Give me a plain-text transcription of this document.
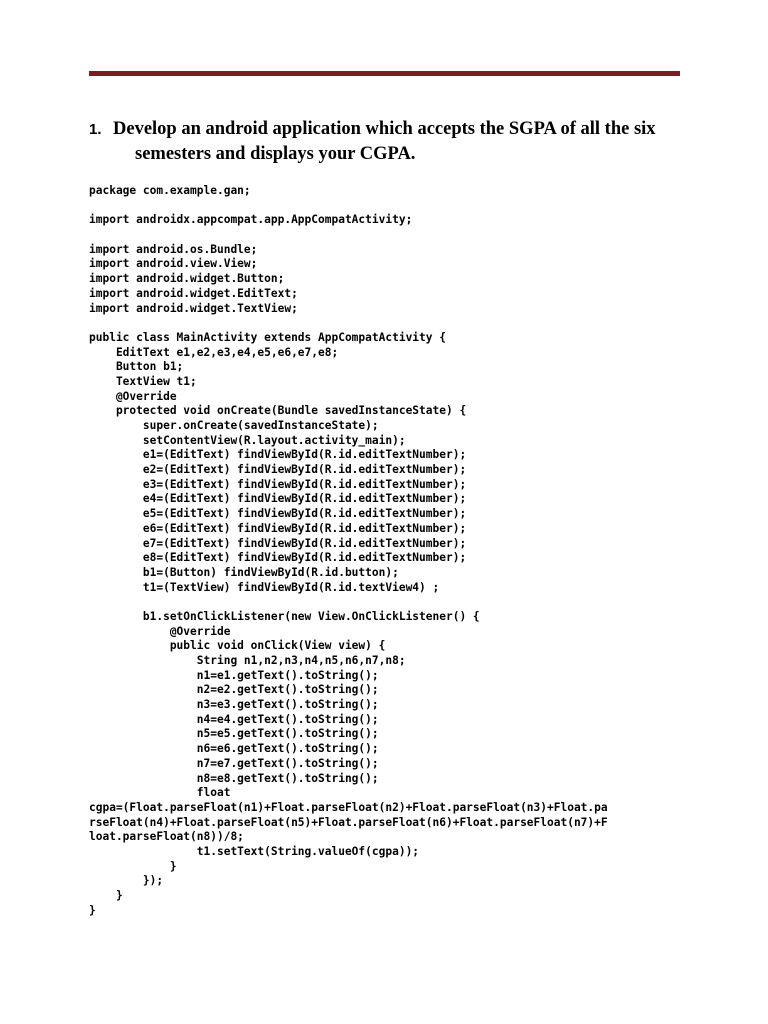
1. Develop an android application which accepts the SGPA of all the six
semesters and displays your CGPA.
package com.example.gan;
import androidx.appcompat.app.AppCompatActivity;
import android.os.Bundle;
import android.view.View;
import android.widget.Button;
import android.widget.EditText;
import android.widget.TextView;
public class MainActivity extends AppCompatActivity {
EditText e1,e2,e3,e4,e5,e6,e7,e8;
Button b1;
TextView t1;
@Override
protected void onCreate(Bundle savedInstanceState) {
super.onCreate(savedInstanceState);
setContentView(R.layout.activity_main);
e1=(EditText) findViewById(R.id.editTextNumber);
e2=(EditText) findViewById(R.id.editTextNumber);
e3=(EditText) findViewById(R.id.editTextNumber);
e4=(EditText) findViewById(R.id.editTextNumber);
e5=(EditText) findViewById(R.id.editTextNumber);
e6=(EditText) findViewById(R.id.editTextNumber);
e7=(EditText) findViewById(R.id.editTextNumber);
e8=(EditText) findViewById(R.id.editTextNumber);
b1=(Button) findViewById(R.id.button);
t1=(TextView) findViewById(R.id.textView4) ;
b1.setOnClickListener(new View.OnClickListener() {
@Override
public void onClick(View view) {
String n1,n2,n3,n4,n5,n6,n7,n8;
n1=e1.getText().toString();
n2=e2.getText().toString();
n3=e3.getText().toString();
n4=e4.getText().toString();
n5=e5.getText().toString();
n6=e6.getText().toString();
n7=e7.getText().toString();
n8=e8.getText().toString();
float
cgpa=(Float.parseFloat(n1)+Float.parseFloat(n2)+Float.parseFloat(n3)+Float.pa
rseFloat(n4)+Float.parseFloat(n5)+Float.parseFloat(n6)+Float.parseFloat(n7)+F
loat.parseFloat(n8))/8;
t1.setText(String.valueOf(cgpa));
}
});
}
}
